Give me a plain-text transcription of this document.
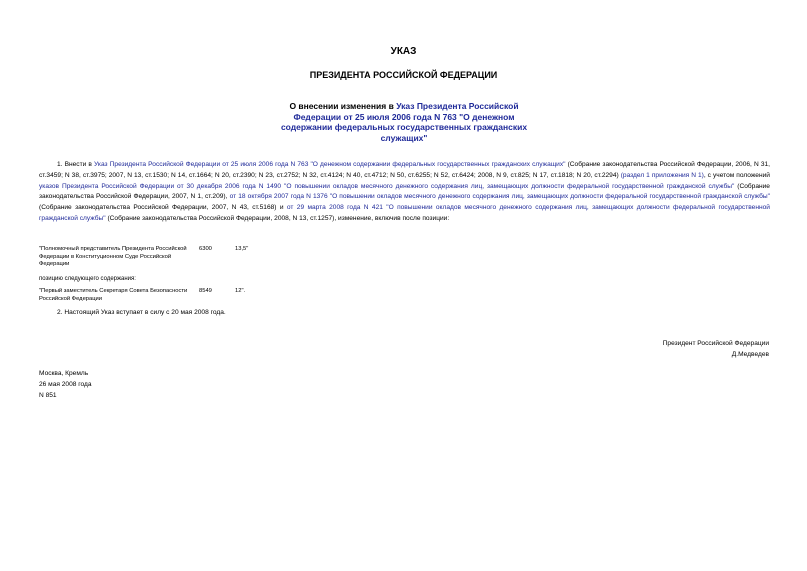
УКАЗ
ПРЕЗИДЕНТА РОССИЙСКОЙ ФЕДЕРАЦИИ
О внесении изменения в Указ Президента Российской Федерации от 25 июля 2006 года N 763 "О денежном содержании федеральных государственных гражданских служащих"
1. Внести в Указ Президента Российской Федерации от 25 июля 2006 года N 763 "О денежном содержании федеральных государственных гражданских служащих" (Собрание законодательства Российской Федерации, 2006, N 31, ст.3459; N 38, ст.3975; 2007, N 13, ст.1530; N 14, ст.1664; N 20, ст.2390; N 23, ст.2752; N 32, ст.4124; N 40, ст.4712; N 50, ст.6255; N 52, ст.6424; 2008, N 9, ст.825; N 17, ст.1818; N 20, ст.2294) (раздел 1 приложения N 1), с учетом положений указов Президента Российской Федерации от 30 декабря 2006 года N 1490 "О повышении окладов месячного денежного содержания лиц, замещающих должности федеральной государственной гражданской службы" (Собрание законодательства Российской Федерации, 2007, N 1, ст.209), от 18 октября 2007 года N 1376 "О повышении окладов месячного денежного содержания лиц, замещающих должности федеральной государственной гражданской службы" (Собрание законодательства Российской Федерации, 2007, N 43, ст.5168) и от 29 марта 2008 года N 421 "О повышении окладов месячного денежного содержания лиц, замещающих должности федеральной государственной гражданской службы" (Собрание законодательства Российской Федерации, 2008, N 13, ст.1257), изменение, включив после позиции:
"Полномочный представитель Президента Российской Федерации в Конституционном Суде Российской Федерации
6300	13,5"
позицию следующего содержания:
"Первый заместитель Секретаря Совета Безопасности Российской Федерации
8549	12".
2. Настоящий Указ вступает в силу с 20 мая 2008 года.
Президент Российской Федерации
Д.Медведев
Москва, Кремль
26 мая 2008 года
N 851
